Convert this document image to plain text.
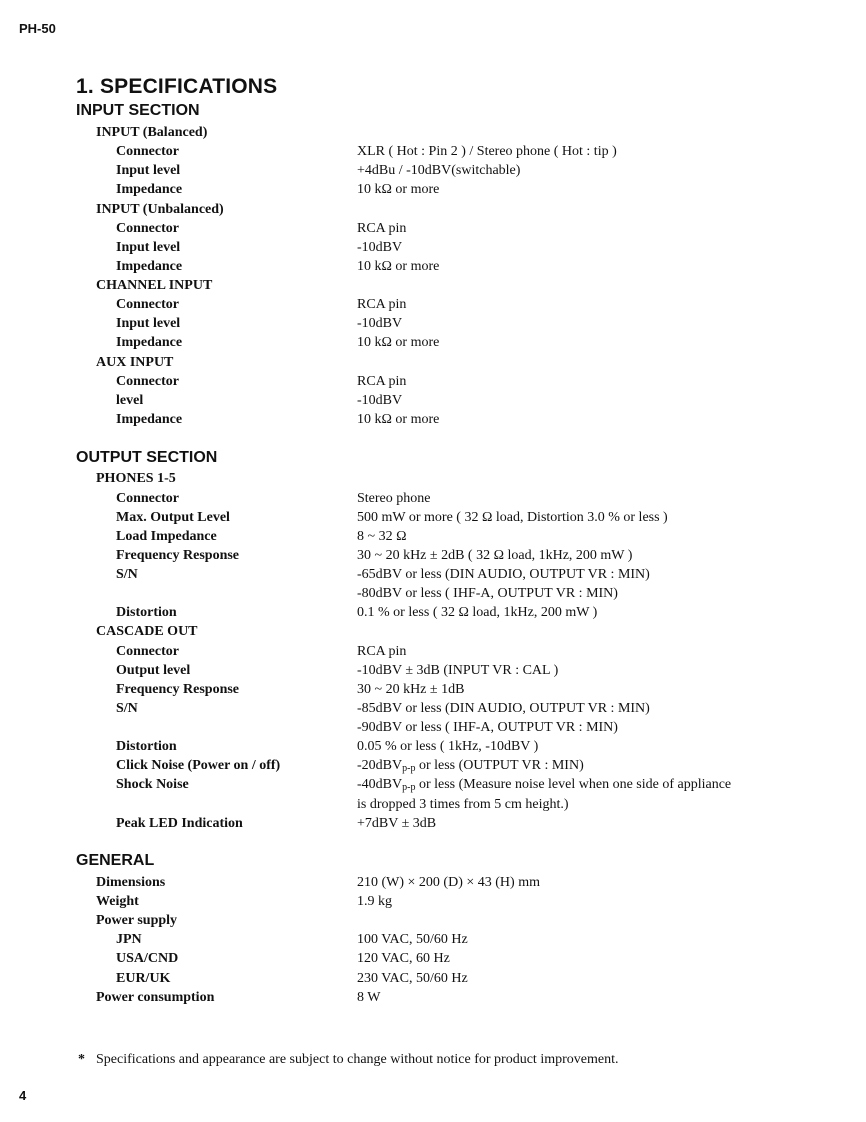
PH-50
1. SPECIFICATIONS
INPUT SECTION
INPUT (Balanced)
Connector	XLR ( Hot : Pin 2 ) / Stereo phone ( Hot : tip )
Input level	+4dBu / -10dBV(switchable)
Impedance	10 kΩ or more
INPUT (Unbalanced)
Connector	RCA pin
Input level	-10dBV
Impedance	10 kΩ or more
CHANNEL INPUT
Connector	RCA pin
Input level	-10dBV
Impedance	10 kΩ or more
AUX INPUT
Connector	RCA pin
level	-10dBV
Impedance	10 kΩ or more
OUTPUT SECTION
PHONES 1-5
Connector	Stereo phone
Max. Output Level	500 mW or more ( 32 Ω load, Distortion 3.0 % or less )
Load Impedance	8 ~ 32 Ω
Frequency Response	30 ~ 20 kHz ± 2dB ( 32 Ω load, 1kHz, 200 mW )
S/N	-65dBV or less (DIN AUDIO, OUTPUT VR : MIN)
-80dBV or less ( IHF-A, OUTPUT VR : MIN)
Distortion	0.1 % or less ( 32 Ω load, 1kHz, 200 mW )
CASCADE OUT
Connector	RCA pin
Output level	-10dBV ± 3dB (INPUT VR : CAL )
Frequency Response	30 ~ 20 kHz ± 1dB
S/N	-85dBV or less (DIN AUDIO, OUTPUT VR : MIN)
-90dBV or less ( IHF-A, OUTPUT VR : MIN)
Distortion	0.05 % or less ( 1kHz, -10dBV )
Click Noise (Power on / off)	-20dBV$_{p-p}$ or less (OUTPUT VR : MIN)
Shock Noise	-40dBV$_{p-p}$ or less (Measure noise level when one side of appliance
is dropped 3 times from 5 cm height.)
Peak LED Indication	+7dBV ± 3dB
GENERAL
Dimensions	210 (W) × 200 (D) × 43 (H) mm
Weight	1.9 kg
Power supply
JPN	100 VAC, 50/60 Hz
USA/CND	120 VAC, 60 Hz
EUR/UK	230 VAC, 50/60 Hz
Power consumption	8 W
* Specifications and appearance are subject to change without notice for product improvement.
4
